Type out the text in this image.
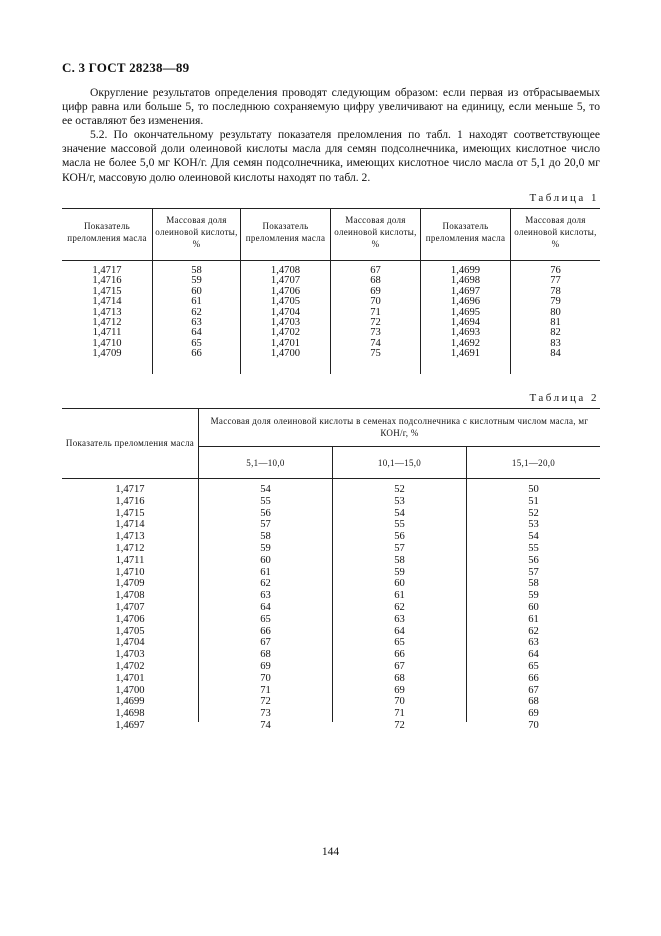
С. 3 ГОСТ 28238—89
Округление результатов определения проводят следующим образом: если первая из отбрасываемых цифр равна или больше 5, то последнюю сохраняемую цифру увеличивают на единицу, если меньше 5, то ее оставляют без изменения.
5.2. По окончательному результату показателя преломления по табл. 1 находят соответствующее значение массовой доли олеиновой кислоты масла для семян подсолнечника, имеющих кислотное число масла не более 5,0 мг КОН/г. Для семян подсолнечника, имеющих кислотное число масла от 5,1 до 20,0 мг КОН/г, массовую долю олеиновой кислоты находят по табл. 2.
Таблица 1
Показатель преломления масла
Массовая доля олеиновой кислоты, %
Показатель преломления масла
Массовая доля олеиновой кислоты, %
Показатель преломления масла
Массовая доля олеиновой кислоты, %
1,4717
1,4716
1,4715
1,4714
1,4713
1,4712
1,4711
1,4710
1,4709
58
59
60
61
62
63
64
65
66
1,4708
1,4707
1,4706
1,4705
1,4704
1,4703
1,4702
1,4701
1,4700
67
68
69
70
71
72
73
74
75
1,4699
1,4698
1,4697
1,4696
1,4695
1,4694
1,4693
1,4692
1,4691
76
77
78
79
80
81
82
83
84
Таблица 2
Показатель преломления масла
Массовая доля олеиновой кислоты в семенах подсолнечника с кислотным числом масла, мг КОН/г, %
5,1—10,0	10,1—15,0	15,1—20,0
1,4717
1,4716
1,4715
1,4714
1,4713
1,4712
1,4711
1,4710
1,4709
1,4708
1,4707
1,4706
1,4705
1,4704
1,4703
1,4702
1,4701
1,4700
1,4699
1,4698
1,4697
54
55
56
57
58
59
60
61
62
63
64
65
66
67
68
69
70
71
72
73
74
52
53
54
55
56
57
58
59
60
61
62
63
64
65
66
67
68
69
70
71
72
50
51
52
53
54
55
56
57
58
59
60
61
62
63
64
65
66
67
68
69
70
144
